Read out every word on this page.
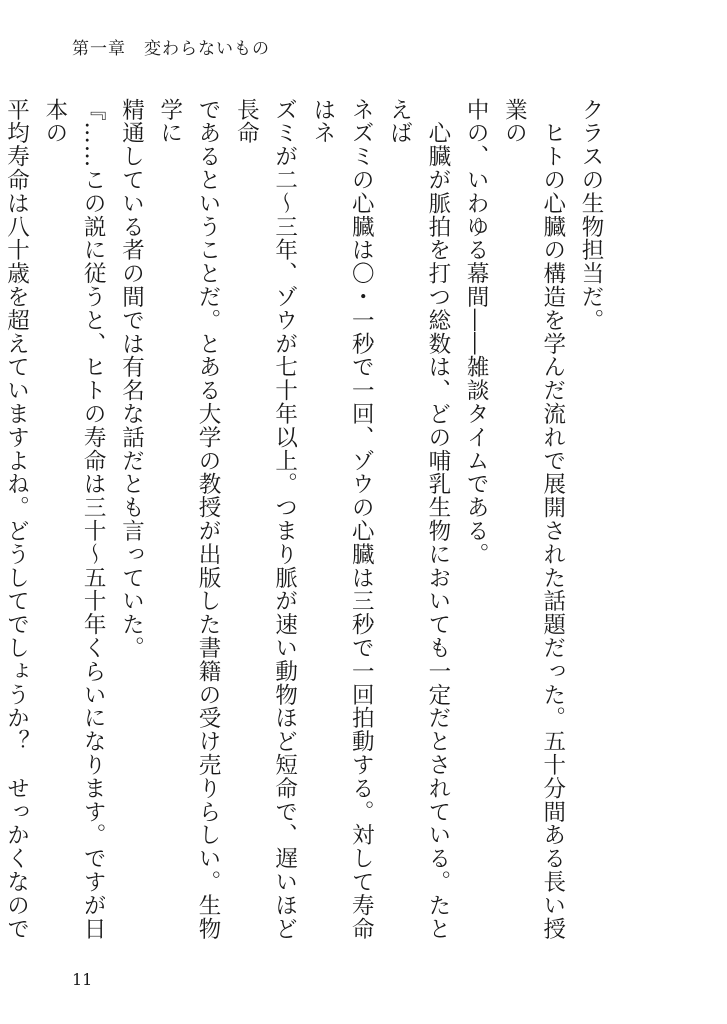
第一章　変わらないもの

クラスの生物担当だ。

　ヒトの心臓の構造を学んだ流れで展開された話題だった。五十分間ある長い授業の

中の、いわゆる幕間――雑談タイムである。

　心臓が脈拍を打つ総数は、どの哺乳生物においても一定だとされている。たとえば

ネズミの心臓は〇・一秒で一回、ゾウの心臓は三秒で一回拍動する。対して寿命はネ

ズミが二～三年、ゾウが七十年以上。つまり脈が速い動物ほど短命で、遅いほど長命

であるということだ。とある大学の教授が出版した書籍の受け売りらしい。生物学に

精通している者の間では有名な話だとも言っていた。

『……この説に従うと、ヒトの寿命は三十～五十年くらいになります。ですが日本の

平均寿命は八十歳を超えていますよね。どうしてでしょうか？　せっかくなので

11
